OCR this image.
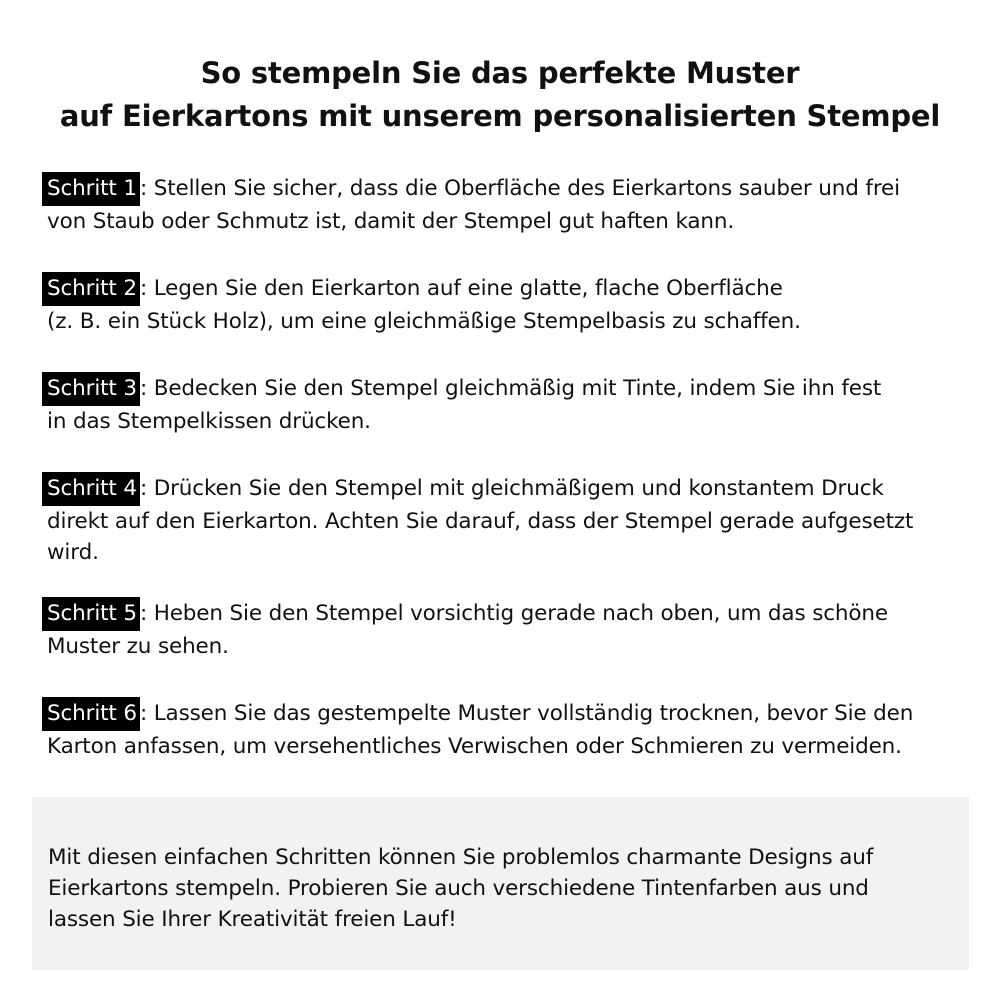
So stempeln Sie das perfekte Muster
auf Eierkartons mit unserem personalisierten Stempel
Schritt 1 : Stellen Sie sicher, dass die Oberfläche des Eierkartons sauber und frei
von Staub oder Schmutz ist, damit der Stempel gut haften kann.
Schritt 2 : Legen Sie den Eierkarton auf eine glatte, flache Oberfläche
(z. B. ein Stück Holz), um eine gleichmäßige Stempelbasis zu schaffen.
Schritt 3 : Bedecken Sie den Stempel gleichmäßig mit Tinte, indem Sie ihn fest
in das Stempelkissen drücken.
Schritt 4 : Drücken Sie den Stempel mit gleichmäßigem und konstantem Druck
direkt auf den Eierkarton. Achten Sie darauf, dass der Stempel gerade aufgesetzt
wird.
Schritt 5 : Heben Sie den Stempel vorsichtig gerade nach oben, um das schöne
Muster zu sehen.
Schritt 6 : Lassen Sie das gestempelte Muster vollständig trocknen, bevor Sie den
Karton anfassen, um versehentliches Verwischen oder Schmieren zu vermeiden.
Mit diesen einfachen Schritten können Sie problemlos charmante Designs auf
Eierkartons stempeln. Probieren Sie auch verschiedene Tintenfarben aus und
lassen Sie Ihrer Kreativität freien Lauf!
